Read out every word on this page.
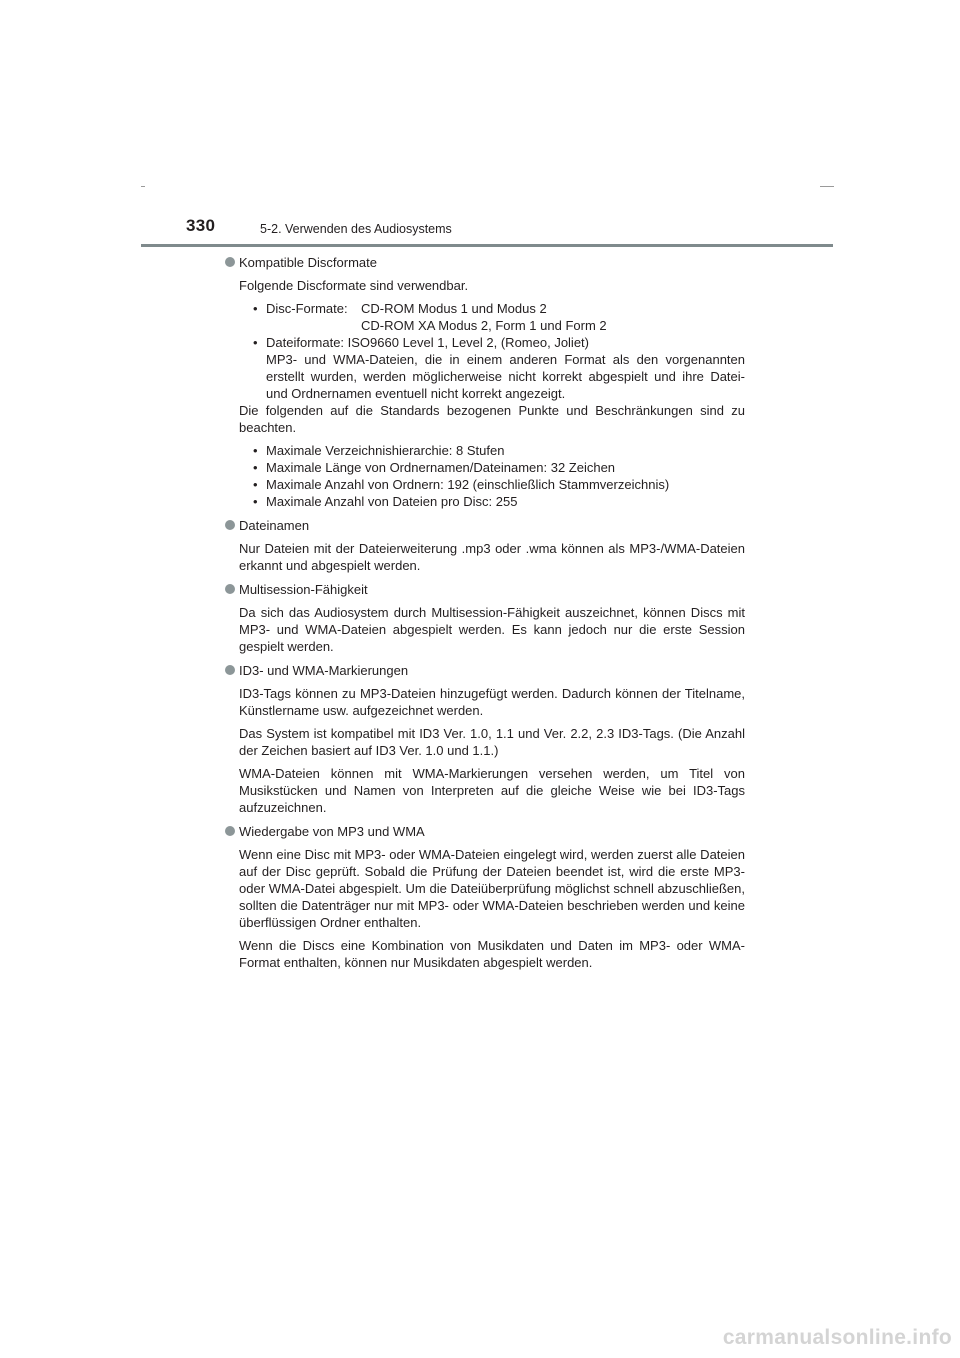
330	5-2. Verwenden des Audiosystems
Kompatible Discformate

Folgende Discformate sind verwendbar.

• Disc-Formate: CD-ROM Modus 1 und Modus 2
CD-ROM XA Modus 2, Form 1 und Form 2
• Dateiformate: ISO9660 Level 1, Level 2, (Romeo, Joliet)
MP3- und WMA-Dateien, die in einem anderen Format als den vorgenannten erstellt wurden, werden möglicherweise nicht korrekt abgespielt und ihre Datei- und Ordnernamen eventuell nicht korrekt angezeigt.
Die folgenden auf die Standards bezogenen Punkte und Beschränkungen sind zu beachten.
• Maximale Verzeichnishierarchie: 8 Stufen
• Maximale Länge von Ordnernamen/Dateinamen: 32 Zeichen
• Maximale Anzahl von Ordnern: 192 (einschließlich Stammverzeichnis)
• Maximale Anzahl von Dateien pro Disc: 255
Dateinamen

Nur Dateien mit der Dateierweiterung .mp3 oder .wma können als MP3-/WMA-Dateien erkannt und abgespielt werden.

Multisession-Fähigkeit

Da sich das Audiosystem durch Multisession-Fähigkeit auszeichnet, können Discs mit MP3- und WMA-Dateien abgespielt werden. Es kann jedoch nur die erste Session gespielt werden.

ID3- und WMA-Markierungen

ID3-Tags können zu MP3-Dateien hinzugefügt werden. Dadurch können der Titelname, Künstlername usw. aufgezeichnet werden.

Das System ist kompatibel mit ID3 Ver. 1.0, 1.1 und Ver. 2.2, 2.3 ID3-Tags. (Die Anzahl der Zeichen basiert auf ID3 Ver. 1.0 und 1.1.)

WMA-Dateien können mit WMA-Markierungen versehen werden, um Titel von Musikstücken und Namen von Interpreten auf die gleiche Weise wie bei ID3-Tags aufzuzeichnen.

Wiedergabe von MP3 und WMA

Wenn eine Disc mit MP3- oder WMA-Dateien eingelegt wird, werden zuerst alle Dateien auf der Disc geprüft. Sobald die Prüfung der Dateien beendet ist, wird die erste MP3- oder WMA-Datei abgespielt. Um die Dateiüberprüfung möglichst schnell abzuschließen, sollten die Datenträger nur mit MP3- oder WMA-Dateien beschrieben werden und keine überflüssigen Ordner enthalten.

Wenn die Discs eine Kombination von Musikdaten und Daten im MP3- oder WMA-Format enthalten, können nur Musikdaten abgespielt werden.

carmanualsonline.info
